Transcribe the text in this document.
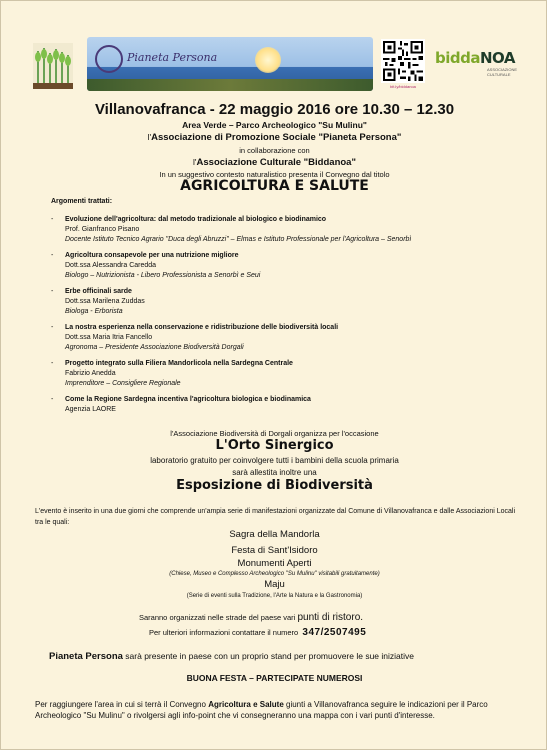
Pianeta Persona
bit.ly/biddanoa
biddaNOA
ASSOCIAZIONE CULTURALE
Villanovafranca - 22 maggio 2016 ore 10.30 – 12.30
Area Verde – Parco Archeologico "Su Mulinu"
l'Associazione di Promozione Sociale "Pianeta Persona"
in collaborazione con
l'Associazione Culturale "Biddanoa"
In un suggestivo contesto naturalistico presenta il Convegno dal titolo
AGRICOLTURA E SALUTE
Argomenti trattati:
- Evoluzione dell'agricoltura: dal metodo tradizionale al biologico e biodinamico
Prof. Gianfranco Pisano
Docente Istituto Tecnico Agrario "Duca degli Abruzzi" – Elmas e Istituto Professionale per l'Agricoltura – Senorbì
- Agricoltura consapevole per una nutrizione migliore
Dott.ssa Alessandra Caredda
Biologo – Nutrizionista - Libero Professionista a Senorbì e Seui
- Erbe officinali sarde
Dott.ssa Marilena Zuddas
Biologa - Erborista
- La nostra esperienza nella conservazione e ridistribuzione delle biodiversità locali
Dott.ssa Maria Itria Fancello
Agronoma – Presidente Associazione Biodiversità Dorgali
- Progetto integrato sulla Filiera Mandorlicola nella Sardegna Centrale
Fabrizio Anedda
Imprenditore – Consigliere Regionale
- Come la Regione Sardegna incentiva l'agricoltura biologica e biodinamica
Agenzia LAORE
l'Associazione Biodiversità di Dorgali organizza per l'occasione
L'Orto Sinergico
laboratorio gratuito per coinvolgere tutti i bambini della scuola primaria
sarà allestita inoltre una
Esposizione di Biodiversità
L'evento è inserito in una due giorni che comprende un'ampia serie di manifestazioni organizzate dal Comune di Villanovafranca e dalle Associazioni Locali tra le quali:
Sagra della Mandorla
Festa di Sant'Isidoro
Monumenti Aperti
(Chiese, Museo e Complesso Archeologico "Su Mulinu" visitabili gratuitamente)
Maju
(Serie di eventi sulla Tradizione, l'Arte la Natura e la Gastronomia)
Saranno organizzati nelle strade del paese vari punti di ristoro.
Per ulteriori informazioni contattare il numero 347/2507495
Pianeta Persona sarà presente in paese con un proprio stand per promuovere le sue iniziative
BUONA FESTA – PARTECIPATE NUMEROSI
Per raggiungere l'area in cui si terrà il Convegno Agricoltura e Salute giunti a Villanovafranca seguire le indicazioni per il Parco Archeologico "Su Mulinu" o rivolgersi agli info-point che vi consegneranno una mappa con i vari punti d'interesse.
